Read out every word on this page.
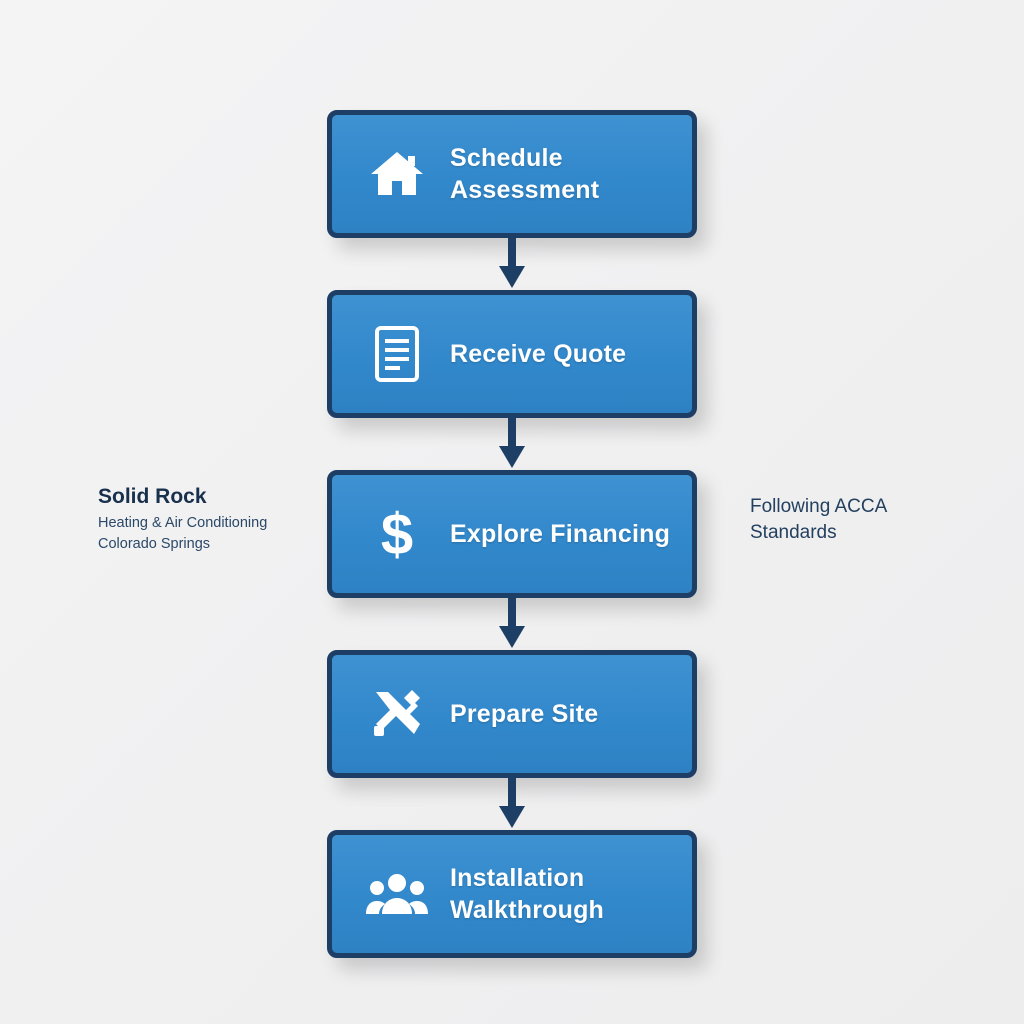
Schedule Assessment
Receive Quote
$ Explore Financing
Prepare Site
Installation Walkthrough
Solid Rock
Heating & Air Conditioning
Colorado Springs
Following ACCA
Standards
